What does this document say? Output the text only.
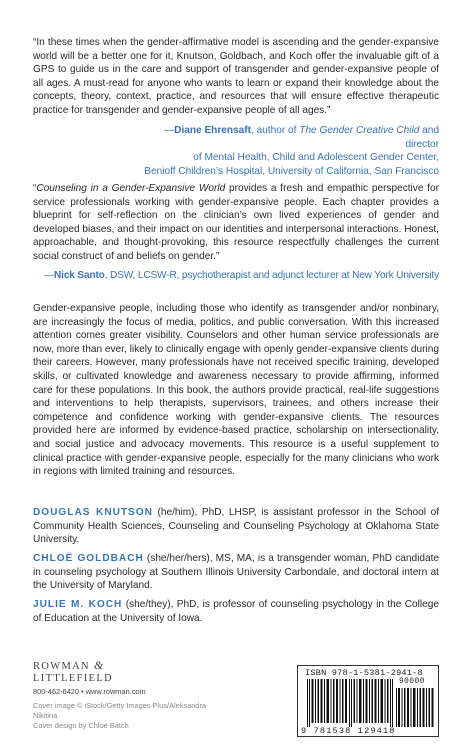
“In these times when the gender-affirmative model is ascending and the gender-expansive world will be a better one for it, Knutson, Goldbach, and Koch offer the invaluable gift of a GPS to guide us in the care and support of transgender and gender-expansive people of all ages. A must-read for anyone who wants to learn or expand their knowledge about the concepts, theory, context, practice, and resources that will ensure effective therapeutic practice for transgender and gender-expansive people of all ages.”

—Diane Ehrensaft, author of The Gender Creative Child and director
of Mental Health, Child and Adolescent Gender Center,
Benioff Children’s Hospital, University of California, San Francisco

“Counseling in a Gender-Expansive World provides a fresh and empathic perspective for service professionals working with gender-expansive people. Each chapter provides a blueprint for self-reflection on the clinician’s own lived experiences of gender and developed biases, and their impact on our identities and interpersonal interactions. Honest, approachable, and thought-provoking, this resource respectfully challenges the current social construct of and beliefs on gender.”

—Nick Santo, DSW, LCSW-R, psychotherapist and adjunct lecturer at New York University

Gender-expansive people, including those who identify as transgender and/or nonbinary, are increasingly the focus of media, politics, and public conversation. With this increased attention comes greater visibility. Counselors and other human service professionals are now, more than ever, likely to clinically engage with openly gender-expansive clients during their careers. However, many professionals have not received specific training, developed skills, or cultivated knowledge and awareness necessary to provide affirming, informed care for these populations. In this book, the authors provide practical, real-life suggestions and interventions to help therapists, supervisors, trainees, and others increase their competence and confidence working with gender-expansive clients. The resources provided here are informed by evidence-based practice, scholarship on intersectionality, and social justice and advocacy movements. This resource is a useful supplement to clinical practice with gender-expansive people, especially for the many clinicians who work in regions with limited training and resources.

DOUGLAS KNUTSON (he/him), PhD, LHSP, is assistant professor in the School of Community Health Sciences, Counseling and Counseling Psychology at Oklahoma State University.

CHLOË GOLDBACH (she/her/hers), MS, MA, is a transgender woman, PhD candidate in counseling psychology at Southern Illinois University Carbondale, and doctoral intern at the University of Maryland.

JULIE M. KOCH (she/they), PhD, is professor of counseling psychology in the College of Education at the University of Iowa.

ROWMAN &
LITTLEFIELD
800-462-6420 • www.rowman.com
Cover image © iStock/Getty Images Plus/Aleksandra Nikitina
Cover design by Chloe Batch
ISBN 978-1-5381-2941-8
90000
9 781538 129418
